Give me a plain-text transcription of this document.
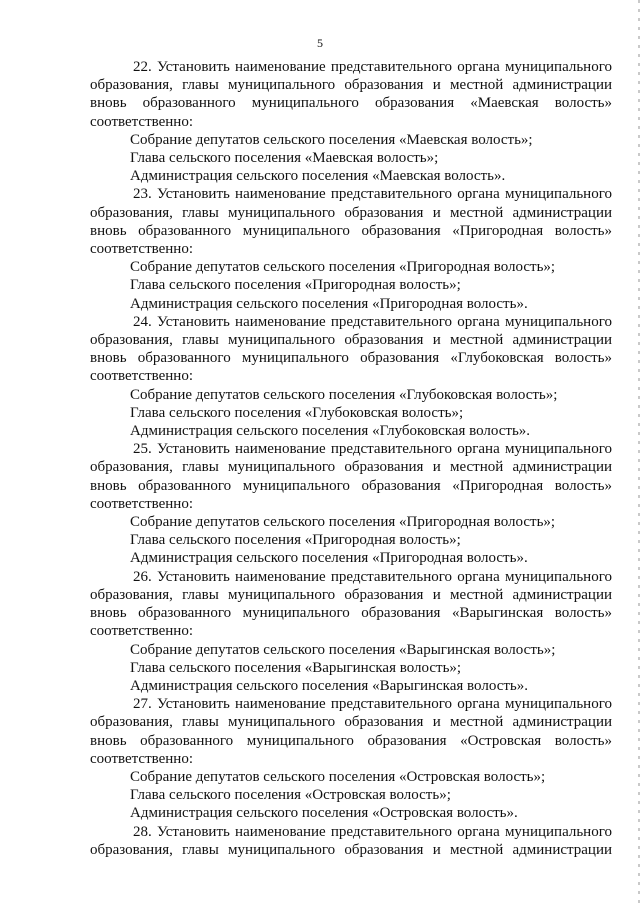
5

22. Установить наименование представительного органа муниципального образования, главы муниципального образования и местной администрации вновь образованного муниципального образования «Маевская волость» соответственно:

Собрание депутатов сельского поселения «Маевская волость»;

Глава сельского поселения «Маевская волость»;

Администрация сельского поселения «Маевская волость».

23. Установить наименование представительного органа муниципального образования, главы муниципального образования и местной администрации вновь образованного муниципального образования «Пригородная волость» соответственно:

Собрание депутатов сельского поселения «Пригородная волость»;

Глава сельского поселения «Пригородная волость»;

Администрация сельского поселения «Пригородная волость».

24. Установить наименование представительного органа муниципального образования, главы муниципального образования и местной администрации вновь образованного муниципального образования «Глубоковская волость» соответственно:

Собрание депутатов сельского поселения «Глубоковская волость»;

Глава сельского поселения «Глубоковская волость»;

Администрация сельского поселения «Глубоковская волость».

25. Установить наименование представительного органа муниципального образования, главы муниципального образования и местной администрации вновь образованного муниципального образования «Пригородная волость» соответственно:

Собрание депутатов сельского поселения «Пригородная волость»;

Глава сельского поселения «Пригородная волость»;

Администрация сельского поселения «Пригородная волость».

26. Установить наименование представительного органа муниципального образования, главы муниципального образования и местной администрации вновь образованного муниципального образования «Варыгинская волость» соответственно:

Собрание депутатов сельского поселения «Варыгинская волость»;

Глава сельского поселения «Варыгинская волость»;

Администрация сельского поселения «Варыгинская волость».

27. Установить наименование представительного органа муниципального образования, главы муниципального образования и местной администрации вновь образованного муниципального образования «Островская волость» соответственно:

Собрание депутатов сельского поселения «Островская волость»;

Глава сельского поселения «Островская волость»;

Администрация сельского поселения «Островская волость».

28. Установить наименование представительного органа муниципального образования, главы муниципального образования и местной администрации
